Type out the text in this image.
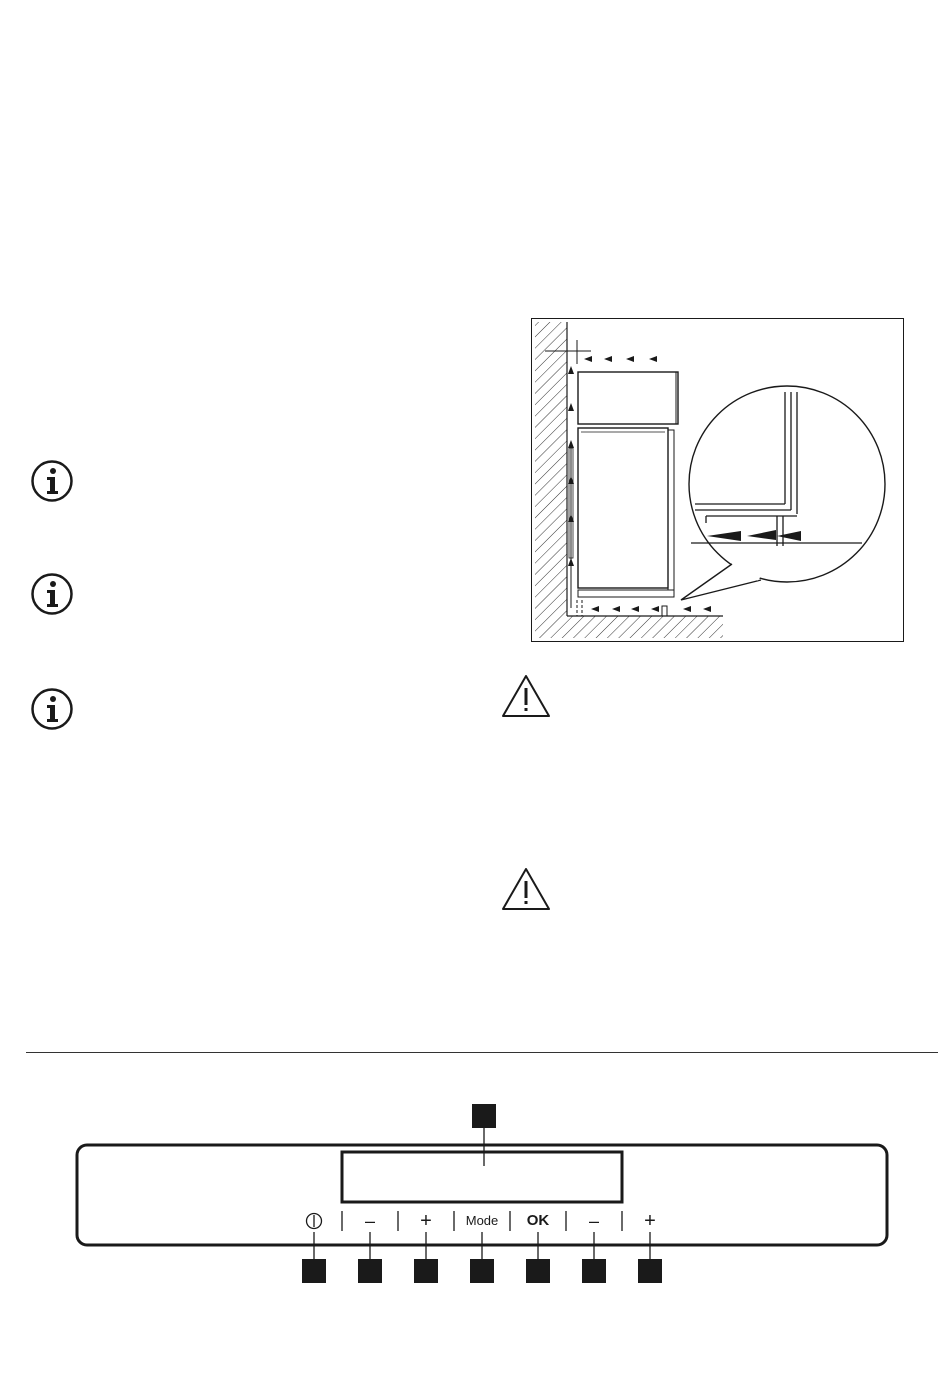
–	+	Mode	OK	–	+
